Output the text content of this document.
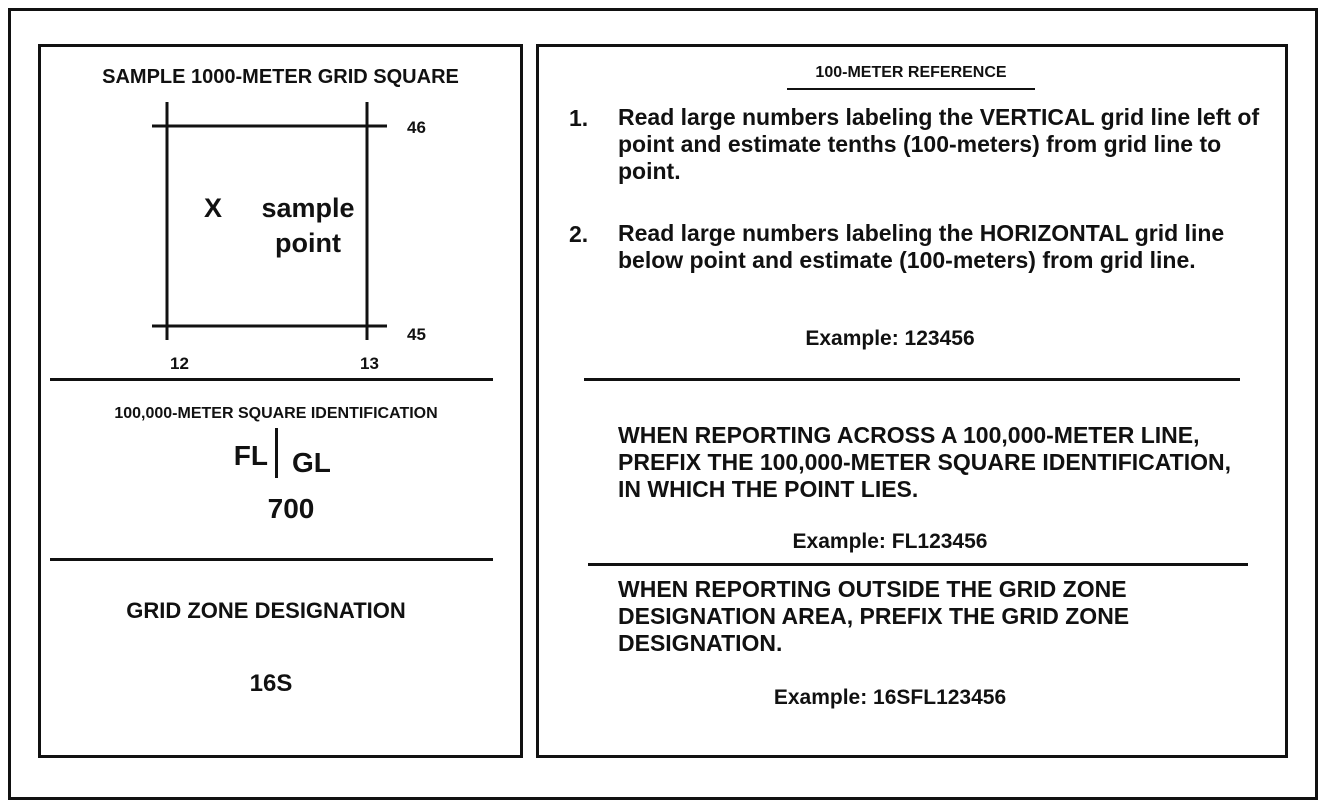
SAMPLE 1000-METER GRID SQUARE
46
45
12	13
X	sample
point
100,000-METER SQUARE IDENTIFICATION
FL GL
700
GRID ZONE DESIGNATION
16S
100-METER REFERENCE
1. Read large numbers labeling the VERTICAL grid line left of point and estimate tenths (100-meters) from grid line to point.
2. Read large numbers labeling the HORIZONTAL grid line below point and estimate (100-meters) from grid line.
Example: 123456
WHEN REPORTING ACROSS A 100,000-METER LINE, PREFIX THE 100,000-METER SQUARE IDENTIFICATION, IN WHICH THE POINT LIES.
Example: FL123456
WHEN REPORTING OUTSIDE THE GRID ZONE DESIGNATION AREA, PREFIX THE GRID ZONE DESIGNATION.
Example: 16SFL123456
